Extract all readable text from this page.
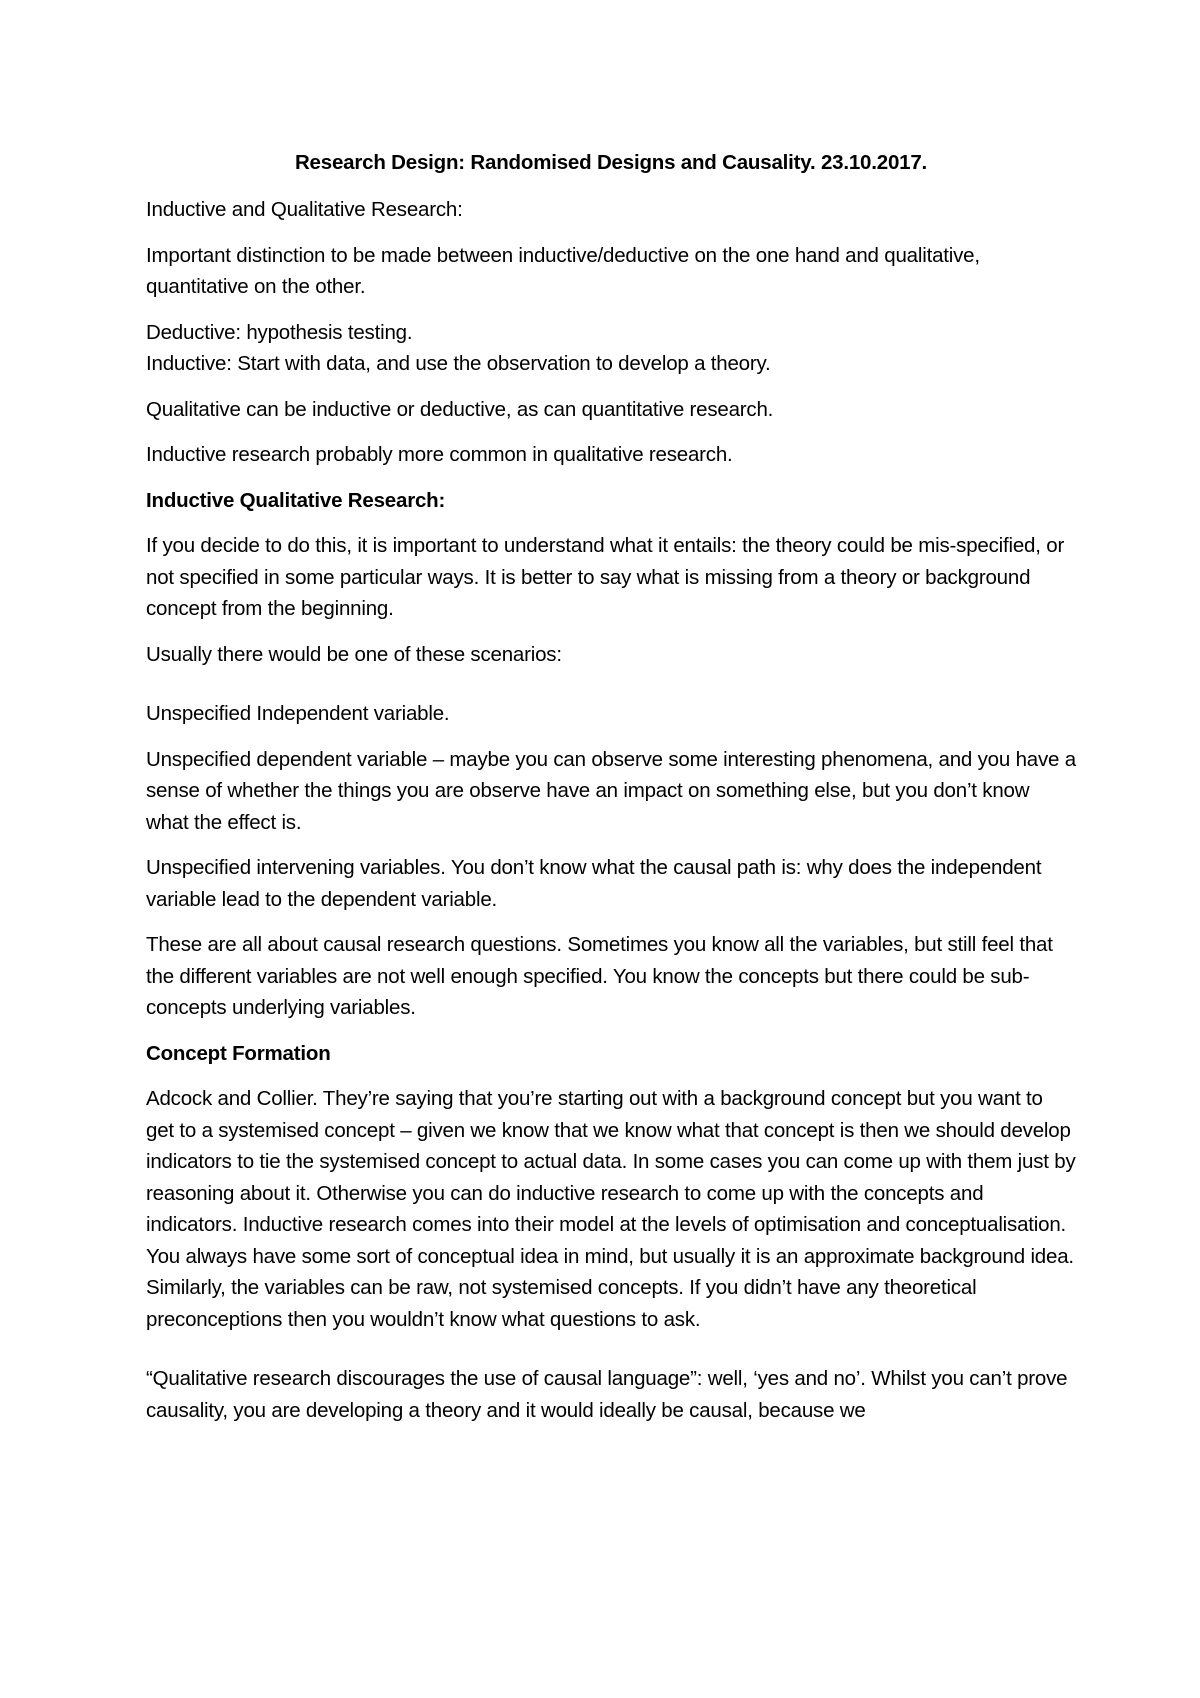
Research Design: Randomised Designs and Causality. 23.10.2017.

Inductive and Qualitative Research:

Important distinction to be made between inductive/deductive on the one hand and qualitative, quantitative on the other.

Deductive: hypothesis testing.

Inductive: Start with data, and use the observation to develop a theory.

Qualitative can be inductive or deductive, as can quantitative research.

Inductive research probably more common in qualitative research.

Inductive Qualitative Research:

If you decide to do this, it is important to understand what it entails: the theory could be mis-specified, or not specified in some particular ways. It is better to say what is missing from a theory or background concept from the beginning.

Usually there would be one of these scenarios:

Unspecified Independent variable.

Unspecified dependent variable – maybe you can observe some interesting phenomena, and you have a sense of whether the things you are observe have an impact on something else, but you don’t know what the effect is.

Unspecified intervening variables. You don’t know what the causal path is: why does the independent variable lead to the dependent variable.

These are all about causal research questions. Sometimes you know all the variables, but still feel that the different variables are not well enough specified. You know the concepts but there could be sub-concepts underlying variables.

Concept Formation

Adcock and Collier. They’re saying that you’re starting out with a background concept but you want to get to a systemised concept – given we know that we know what that concept is then we should develop indicators to tie the systemised concept to actual data. In some cases you can come up with them just by reasoning about it. Otherwise you can do inductive research to come up with the concepts and indicators. Inductive research comes into their model at the levels of optimisation and conceptualisation. You always have some sort of conceptual idea in mind, but usually it is an approximate background idea. Similarly, the variables can be raw, not systemised concepts. If you didn’t have any theoretical preconceptions then you wouldn’t know what questions to ask.

“Qualitative research discourages the use of causal language”: well, ‘yes and no’. Whilst you can’t prove causality, you are developing a theory and it would ideally be causal, because we
